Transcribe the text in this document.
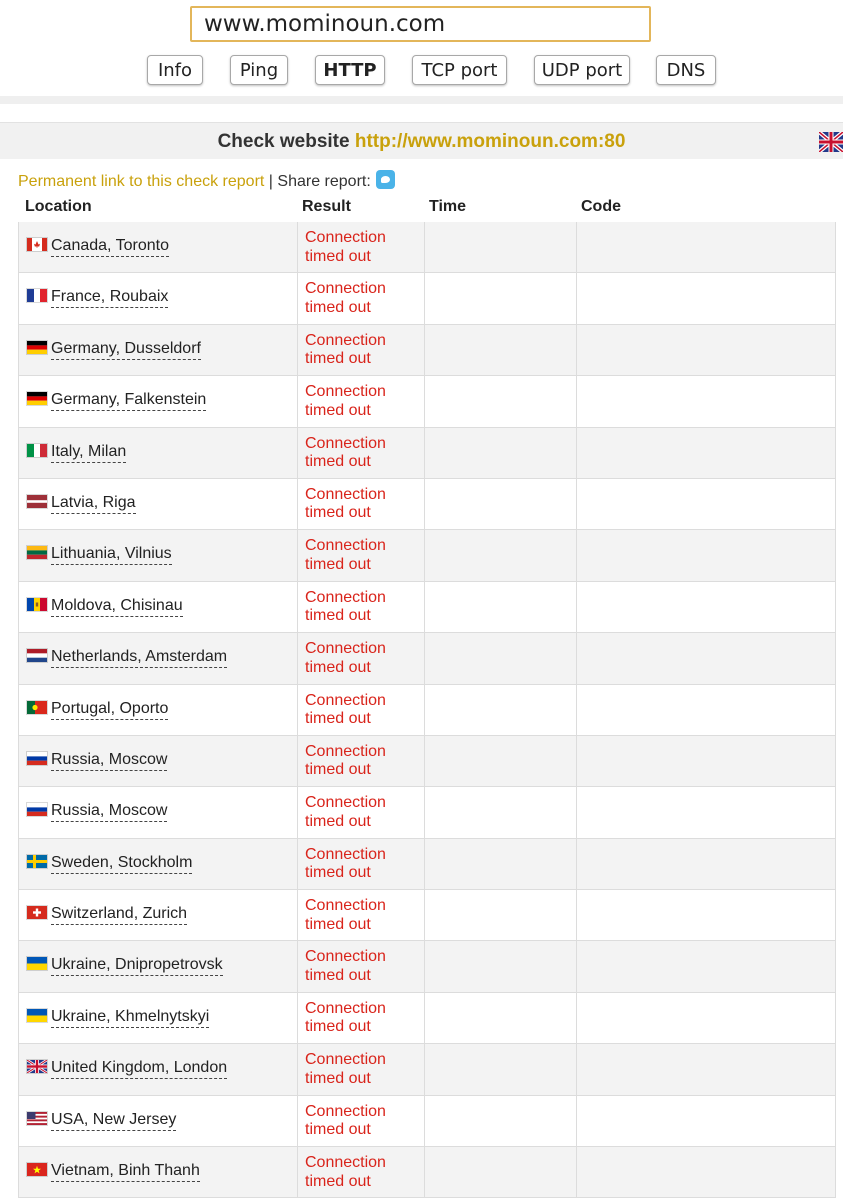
www.mominoun.com
Info	Ping	HTTP	TCP port	UDP port	DNS
Check website http://www.mominoun.com:80
Permanent link to this check report | Share report:
Location	Result	Time	Code
Canada, Toronto	Connection timed out
France, Roubaix	Connection timed out
Germany, Dusseldorf	Connection timed out
Germany, Falkenstein	Connection timed out
Italy, Milan	Connection timed out
Latvia, Riga	Connection timed out
Lithuania, Vilnius	Connection timed out
Moldova, Chisinau	Connection timed out
Netherlands, Amsterdam	Connection timed out
Portugal, Oporto	Connection timed out
Russia, Moscow	Connection timed out
Russia, Moscow	Connection timed out
Sweden, Stockholm	Connection timed out
Switzerland, Zurich	Connection timed out
Ukraine, Dnipropetrovsk	Connection timed out
Ukraine, Khmelnytskyi	Connection timed out
United Kingdom, London	Connection timed out
USA, New Jersey	Connection timed out
Vietnam, Binh Thanh	Connection timed out
